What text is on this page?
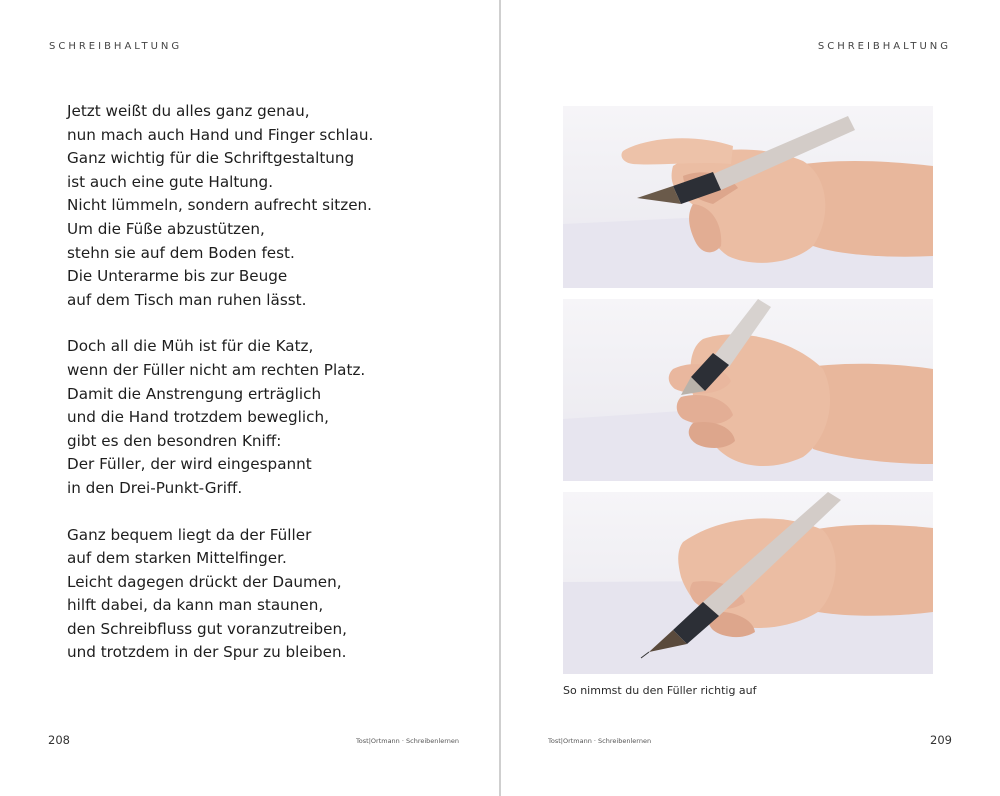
SCHREIBHALTUNG
Jetzt weißt du alles ganz genau,
nun mach auch Hand und Finger schlau.
Ganz wichtig für die Schriftgestaltung
ist auch eine gute Haltung.
Nicht lümmeln, sondern aufrecht sitzen.
Um die Füße abzustützen,
stehn sie auf dem Boden fest.
Die Unterarme bis zur Beuge
auf dem Tisch man ruhen lässt.
Doch all die Müh ist für die Katz,
wenn der Füller nicht am rechten Platz.
Damit die Anstrengung erträglich
und die Hand trotzdem beweglich,
gibt es den besondren Kniff:
Der Füller, der wird eingespannt
in den Drei-Punkt-Griff.
Ganz bequem liegt da der Füller
auf dem starken Mittelfinger.
Leicht dagegen drückt der Daumen,
hilft dabei, da kann man staunen,
den Schreibfluss gut voranzutreiben,
und trotzdem in der Spur zu bleiben.
208	Tost|Ortmann · Schreibenlernen
SCHREIBHALTUNG
So nimmst du den Füller richtig auf
209
Tost|Ortmann · Schreibenlernen
